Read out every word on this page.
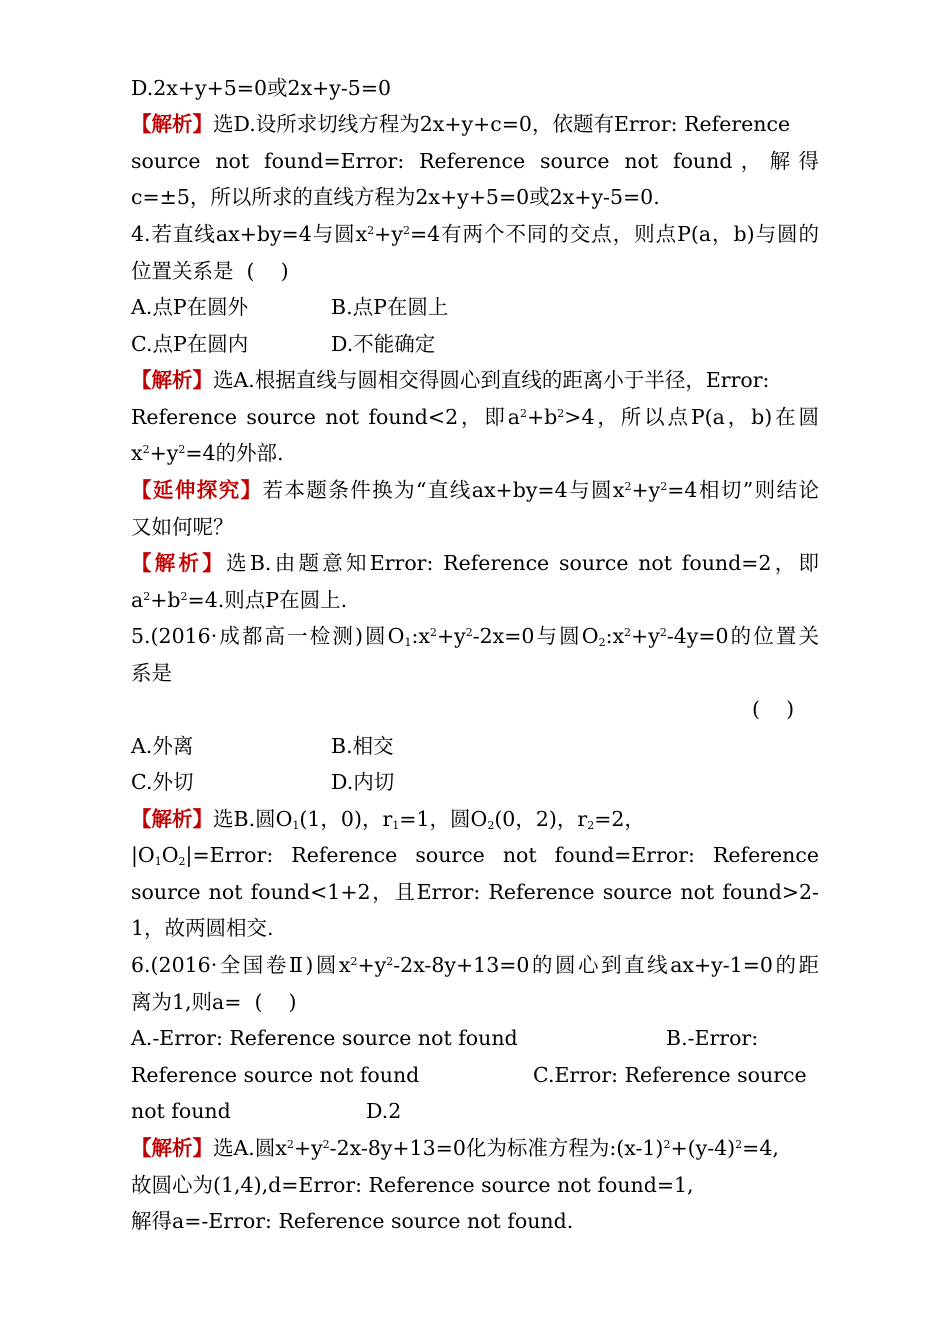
D.2x+y+5=0或2x+y-5=0
【解析】选D.设所求切线方程为2x+y+c=0，依题有Error: Reference
source not found=Error: Reference source not found，解得
c=±5，所以所求的直线方程为2x+y+5=0或2x+y-5=0.
4.若直线ax+by=4与圆$x^2+y^2=4$有两个不同的交点，则点P(a，b)与圆的
位置关系是  (    )
A.点P在圆外	B.点P在圆上
C.点P在圆内	D.不能确定
【解析】选A.根据直线与圆相交得圆心到直线的距离小于半径，Error:
Reference source not found<2，即$a^2+b^2>4$，所以点P(a，b)在圆
$x^2+y^2=4$的外部.
【延伸探究】若本题条件换为“直线ax+by=4与圆$x^2+y^2=4$相切”则结论
又如何呢？
【解析】选B.由题意知Error: Reference source not found=2，即
$a^2+b^2=4$.则点P在圆上.
5.(2016·成都高一检测)圆$O_1:x^2+y^2-2x=0$与圆$O_2:x^2+y^2-4y=0$的位置关
系是
(    )
A.外离	B.相交
C.外切	D.内切
【解析】选B.圆$O_1(1$，0)，$r_1=1$，圆$O_2(0$，2)，$r_2=2$，
$|O_1O_2|=Error$: Reference source not found=Error: Reference
source not found<1+2，且Error: Reference source not found>2-
1，故两圆相交.
6.(2016·全国卷Ⅱ)圆$x^2+y^2-2x-8y+13=0$的圆心到直线ax+y-1=0的距
离为1,则a=  (    )
A.-Error: Reference source not found	B.-Error:
Reference source not found	C.Error: Reference source
not found	D.2
【解析】选A.圆$x^2+y^2-2x-8y+13=0$化为标准方程为$:(x-1)^2+(y-4)^2=4$,
故圆心为(1,4),d=Error: Reference source not found=1,
解得a=-Error: Reference source not found.
